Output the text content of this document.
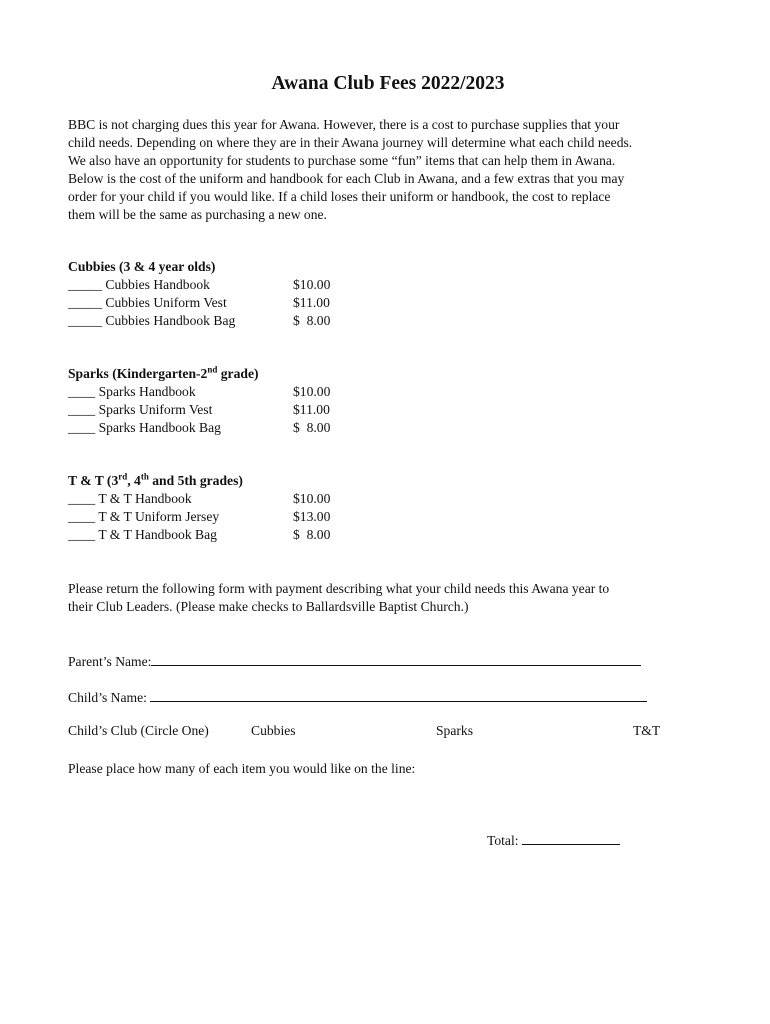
Awana Club Fees 2022/2023

BBC is not charging dues this year for Awana. However, there is a cost to purchase supplies that your

child needs. Depending on where they are in their Awana journey will determine what each child needs.

We also have an opportunity for students to purchase some “fun” items that can help them in Awana.

Below is the cost of the uniform and handbook for each Club in Awana, and a few extras that you may

order for your child if you would like. If a child loses their uniform or handbook, the cost to replace

them will be the same as purchasing a new one.

Cubbies (3 & 4 year olds)
_____ Cubbies Handbook	$10.00
_____ Cubbies Uniform Vest	$11.00
_____ Cubbies Handbook Bag	$  8.00
Sparks (Kindergarten-2nd grade)
____ Sparks Handbook	$10.00
____ Sparks Uniform Vest	$11.00
____ Sparks Handbook Bag	$  8.00
T & T (3rd, 4th and 5th grades)
____ T & T Handbook	$10.00
____ T & T Uniform Jersey	$13.00
____ T & T Handbook Bag	$  8.00

Please return the following form with payment describing what your child needs this Awana year to

their Club Leaders. (Please make checks to Ballardsville Baptist Church.)

Parent’s Name:
Child’s Name:
Child’s Club (Circle One)	Cubbies	Sparks	T&T
Please place how many of each item you would like on the line:
Total:
